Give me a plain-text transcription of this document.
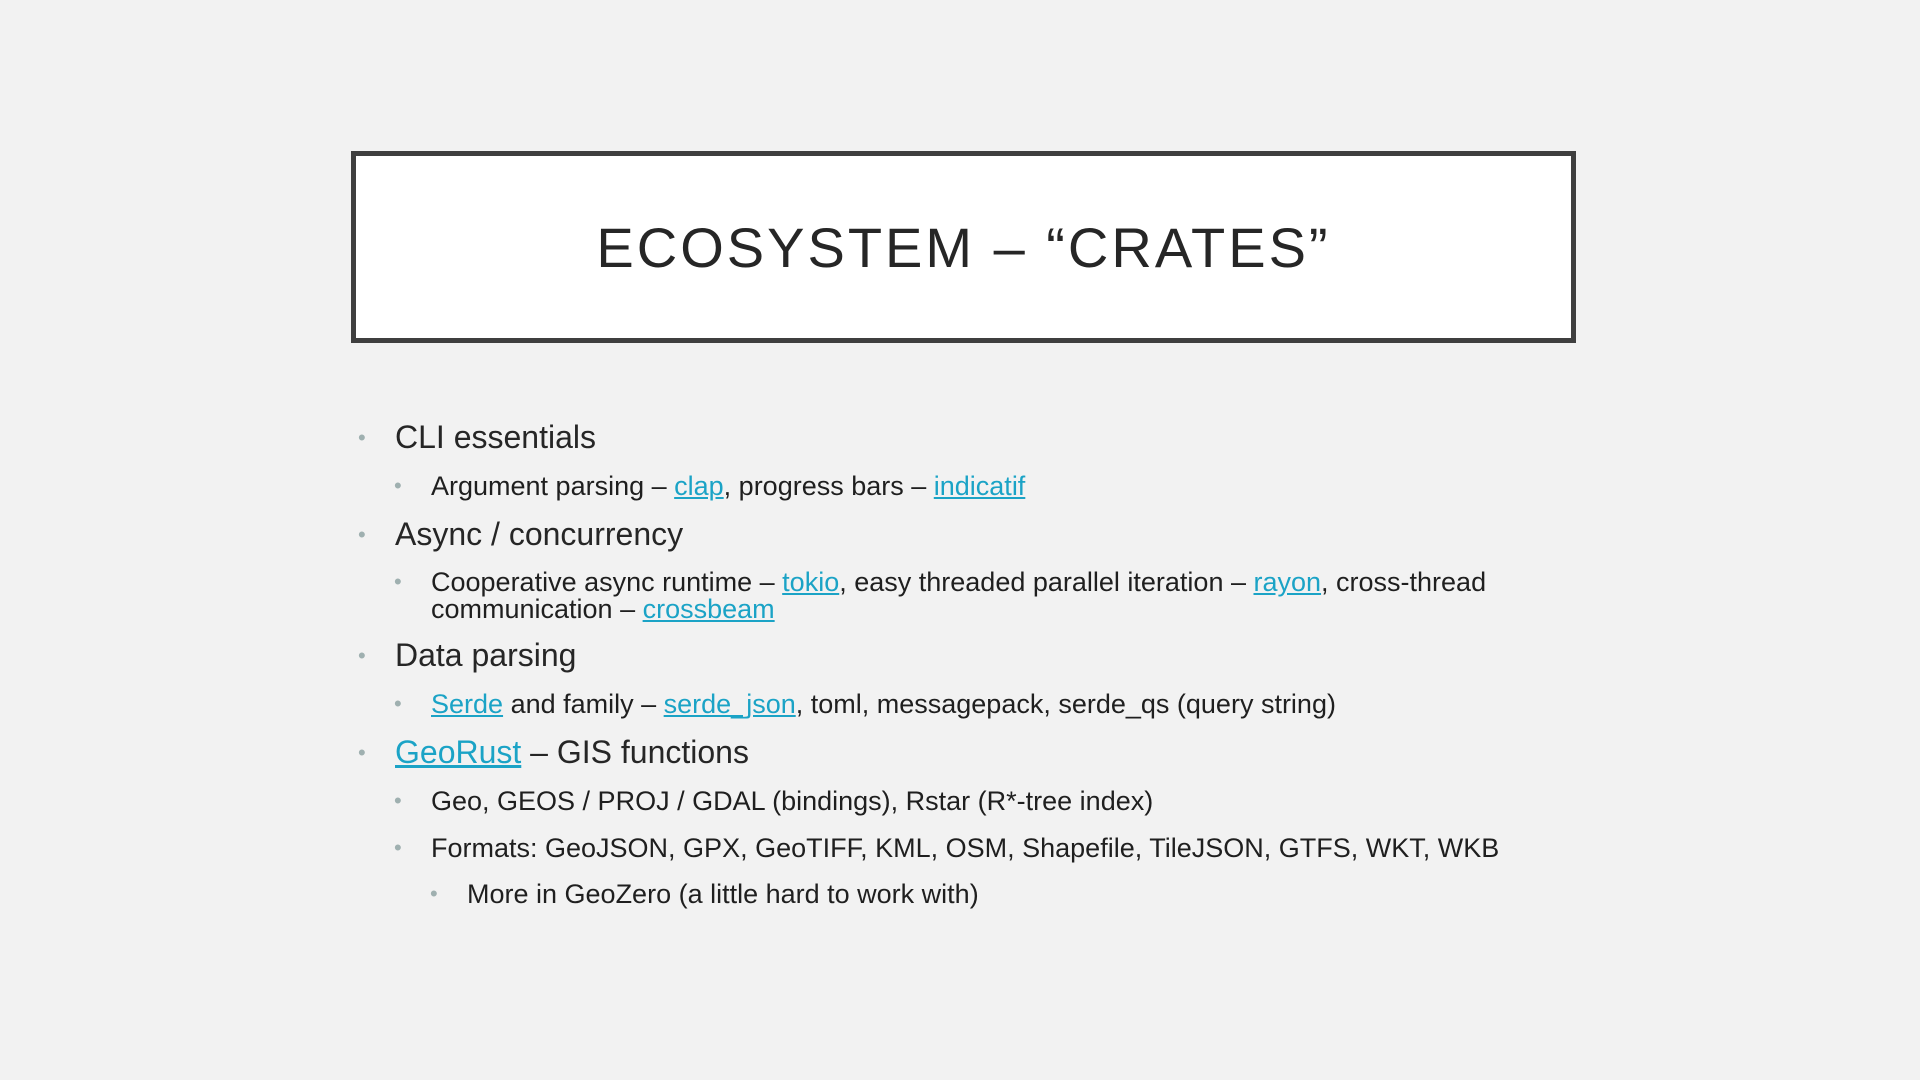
ECOSYSTEM – “CRATES”
• CLI essentials
• Argument parsing – clap, progress bars – indicatif
• Async / concurrency
• Cooperative async runtime – tokio, easy threaded parallel iteration – rayon, cross-thread communication – crossbeam
• Data parsing
• Serde and family – serde_json, toml, messagepack, serde_qs (query string)
• GeoRust – GIS functions
• Geo, GEOS / PROJ / GDAL (bindings), Rstar (R*-tree index)
• Formats: GeoJSON, GPX, GeoTIFF, KML, OSM, Shapefile, TileJSON, GTFS, WKT, WKB
• More in GeoZero (a little hard to work with)
